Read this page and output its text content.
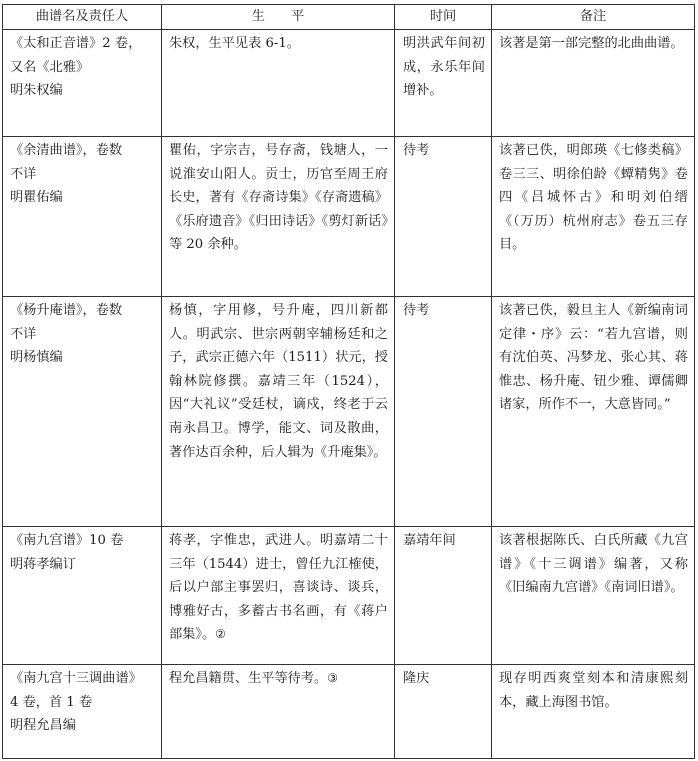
曲谱名及责任人	生　　平	时间	备注

《太和正音谱》2 卷，
又名《北雅》
明朱权编	朱权，生平见表 6-1。	明洪武年间初成，永乐年间增补。	该著是第一部完整的北曲曲谱。

《余清曲谱》，卷数
不详
明瞿佑编	瞿佑，字宗吉，号存斋，钱塘人，一说淮安山阳人。贡士，历官至周王府长史，著有《存斋诗集》《存斋遗稿》《乐府遗音》《归田诗话》《剪灯新话》等 20 余种。	待考	该著已佚，明郎瑛《七修类稿》卷三三、明徐伯龄《蟫精隽》卷四《吕城怀古》和明刘伯缙《（万历）杭州府志》卷五三存目。

《杨升庵谱》，卷数
不详
明杨慎编	杨慎，字用修，号升庵，四川新都人。明武宗、世宗两朝宰辅杨廷和之子，武宗正德六年（1511）状元，授翰林院修撰。嘉靖三年（1524），因“大礼议”受廷杖，谪戍，终老于云南永昌卫。博学，能文、词及散曲，著作达百余种，后人辑为《升庵集》。	待考	该著已佚，毅旦主人《新编南词定律・序》云：“若九宫谱，则有沈伯英、冯梦龙、张心其、蒋惟忠、杨升庵、钮少雅、谭儒卿诸家，所作不一，大意皆同。”

《南九宫谱》10 卷
明蒋孝编订	蒋孝，字惟忠，武进人。明嘉靖二十三年（1544）进士，曾任九江榷使，后以户部主事罢归，喜谈诗、谈兵，博雅好古，多蓄古书名画，有《蒋户部集》。②	嘉靖年间	该著根据陈氏、白氏所藏《九宫谱》《十三调谱》编著，又称《旧编南九宫谱》《南词旧谱》。

《南九宫十三调曲谱》
4 卷，首 1 卷
明程允昌编	程允昌籍贯、生平等待考。③	隆庆	现存明西爽堂刻本和清康熙刻本，藏上海图书馆。
